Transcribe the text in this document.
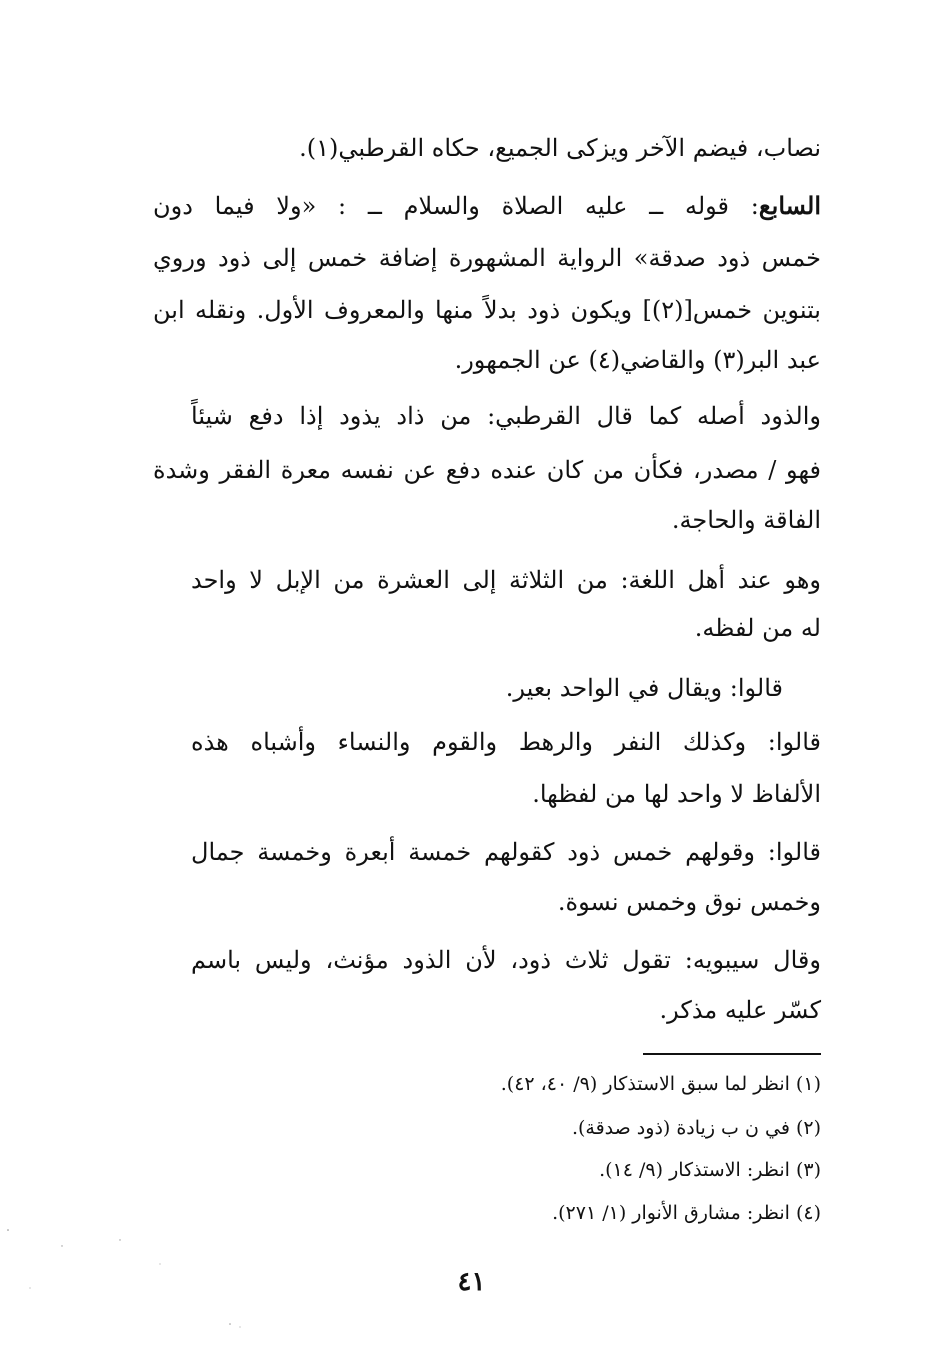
نصاب، فيضم الآخر ويزكى الجميع، حكاه القرطبي(١).
السابع: قوله ــ عليه الصلاة والسلام ــ : «ولا فيما دون
خمس ذود صدقة» الرواية المشهورة إضافة خمس إلى ذود وروي
بتنوين خمس[(٢)] ويكون ذود بدلاً منها والمعروف الأول. ونقله ابن
عبد البر(٣) والقاضي(٤) عن الجمهور.
والذود أصله كما قال القرطبي: من ذاد يذود إذا دفع شيئاً
فهو / مصدر، فكأن من كان عنده دفع عن نفسه معرة الفقر وشدة
الفاقة والحاجة.
وهو عند أهل اللغة: من الثلاثة إلى العشرة من الإبل لا واحد
له من لفظه.
قالوا: ويقال في الواحد بعير.
قالوا: وكذلك النفر والرهط والقوم والنساء وأشباه هذه
الألفاظ لا واحد لها من لفظها.
قالوا: وقولهم خمس ذود كقولهم خمسة أبعرة وخمسة جمال
وخمس نوق وخمس نسوة.
وقال سيبويه: تقول ثلاث ذود، لأن الذود مؤنث، وليس باسم
كسّر عليه مذكر.
(١) انظر لما سبق الاستذكار (٩/ ٤٠، ٤٢).
(٢) في ن ب زيادة (ذود صدقة).
(٣) انظر: الاستذكار (٩/ ١٤).
(٤) انظر: مشارق الأنوار (١/ ٢٧١).
٤١
